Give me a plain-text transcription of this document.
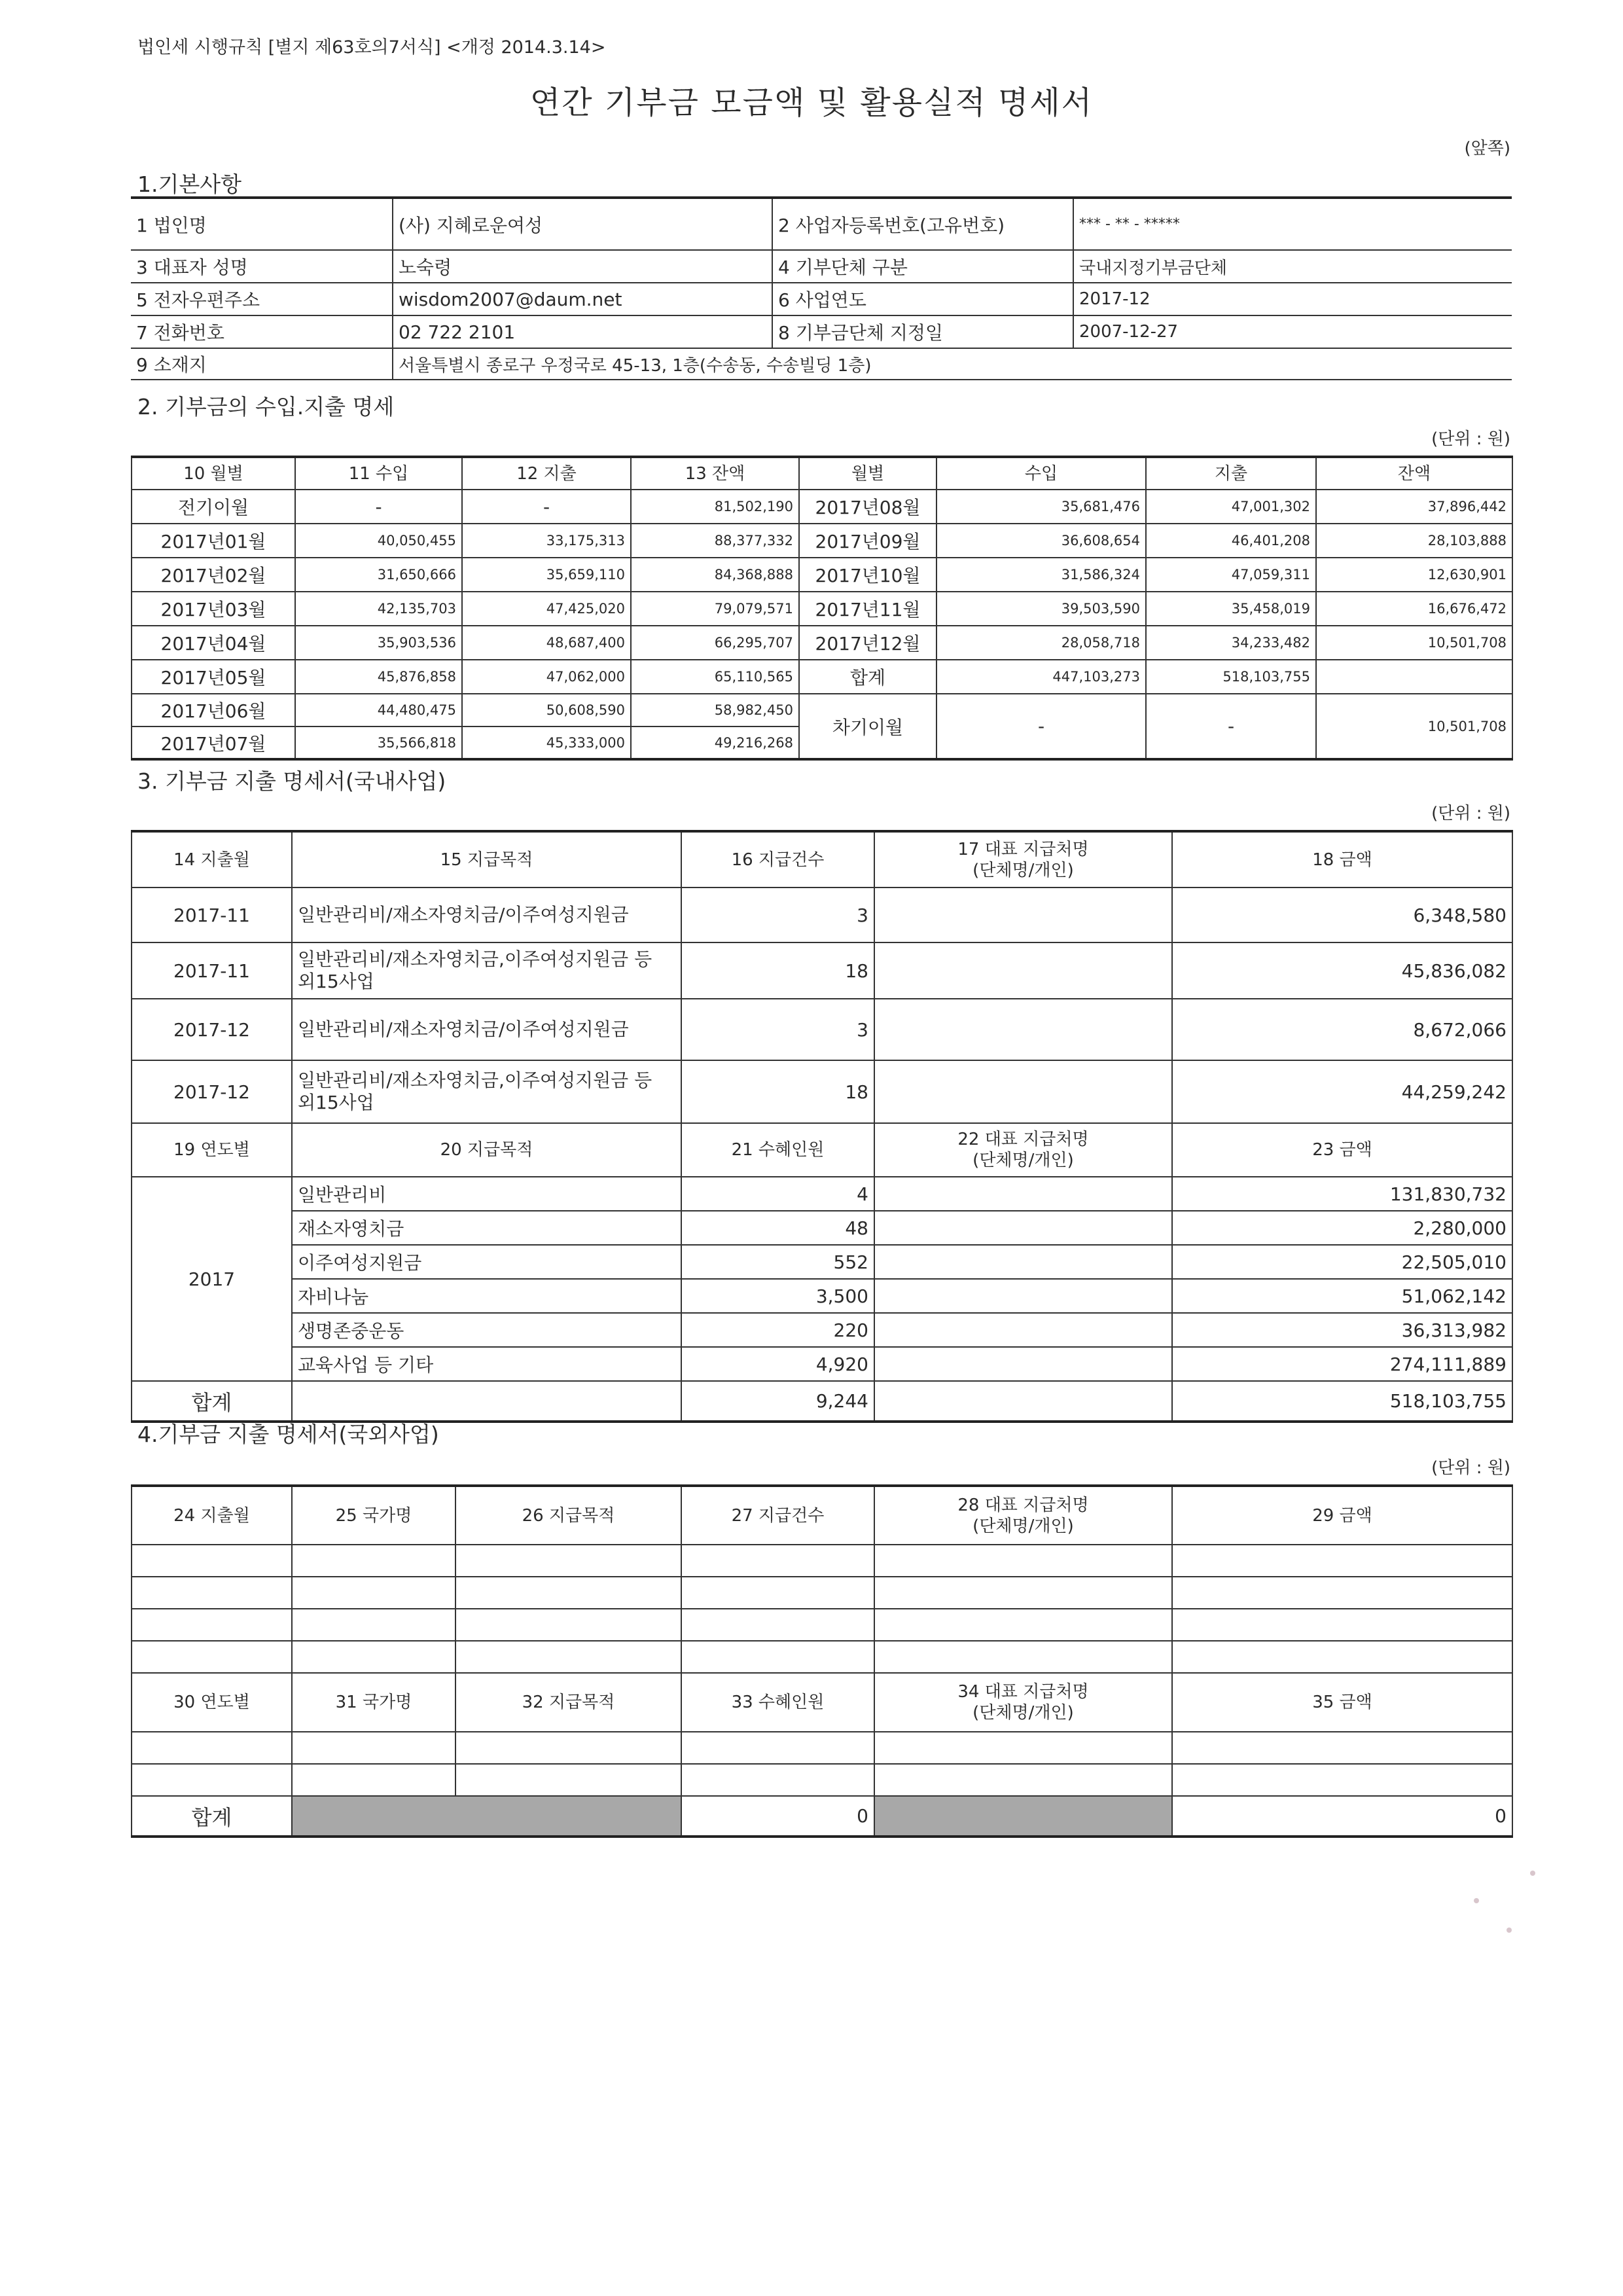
법인세 시행규칙 [별지 제63호의7서식] <개정 2014.3.14>
연간 기부금 모금액 및 활용실적 명세서
(앞쪽)
1.기본사항
1 법인명	(사) 지혜로운여성	2 사업자등록번호(고유번호)	*** - ** - *****
3 대표자 성명	노숙령	4 기부단체 구분	국내지정기부금단체
5 전자우편주소	wisdom2007@daum.net	6 사업연도	2017-12
7 전화번호	02 722 2101	8 기부금단체 지정일	2007-12-27
9 소재지	서울특별시 종로구 우정국로 45-13, 1층(수송동, 수송빌딩 1층)		
2. 기부금의 수입.지출 명세
(단위 : 원)
10 월별	11 수입	12 지출	13 잔액	월별	수입	지출	잔액
전기이월	-	-	81,502,190	2017년08월	35,681,476	47,001,302	37,896,442
2017년01월	40,050,455	33,175,313	88,377,332	2017년09월	36,608,654	46,401,208	28,103,888
2017년02월	31,650,666	35,659,110	84,368,888	2017년10월	31,586,324	47,059,311	12,630,901
2017년03월	42,135,703	47,425,020	79,079,571	2017년11월	39,503,590	35,458,019	16,676,472
2017년04월	35,903,536	48,687,400	66,295,707	2017년12월	28,058,718	34,233,482	10,501,708
2017년05월	45,876,858	47,062,000	65,110,565	합계	447,103,273	518,103,755	
2017년06월	44,480,475	50,608,590	58,982,450	차기이월	-	-	10,501,708
2017년07월	35,566,818	45,333,000	49,216,268				
3. 기부금 지출 명세서(국내사업)
(단위 : 원)
14 지출월	15 지급목적	16 지급건수	17 대표 지급처명
(단체명/개인)	18 금액
2017-11	일반관리비/재소자영치금/이주여성지원금	3		6,348,580
2017-11	일반관리비/재소자영치금,이주여성지원금 등 외15사업	18		45,836,082
2017-12	일반관리비/재소자영치금/이주여성지원금	3		8,672,066
2017-12	일반관리비/재소자영치금,이주여성지원금 등 외15사업	18		44,259,242
19 연도별	20 지급목적	21 수혜인원	22 대표 지급처명
(단체명/개인)	23 금액
2017	일반관리비	4		131,830,732
	재소자영치금	48		2,280,000
	이주여성지원금	552		22,505,010
	자비나눔	3,500		51,062,142
	생명존중운동	220		36,313,982
	교육사업 등 기타	4,920		274,111,889
합계		9,244		518,103,755
4.기부금 지출 명세서(국외사업)
(단위 : 원)
24 지출월	25 국가명	26 지급목적	27 지급건수	28 대표 지급처명
(단체명/개인)	29 금액

30 연도별	31 국가명	32 지급목적	33 수혜인원	34 대표 지급처명
(단체명/개인)	35 금액

합계			0		0
